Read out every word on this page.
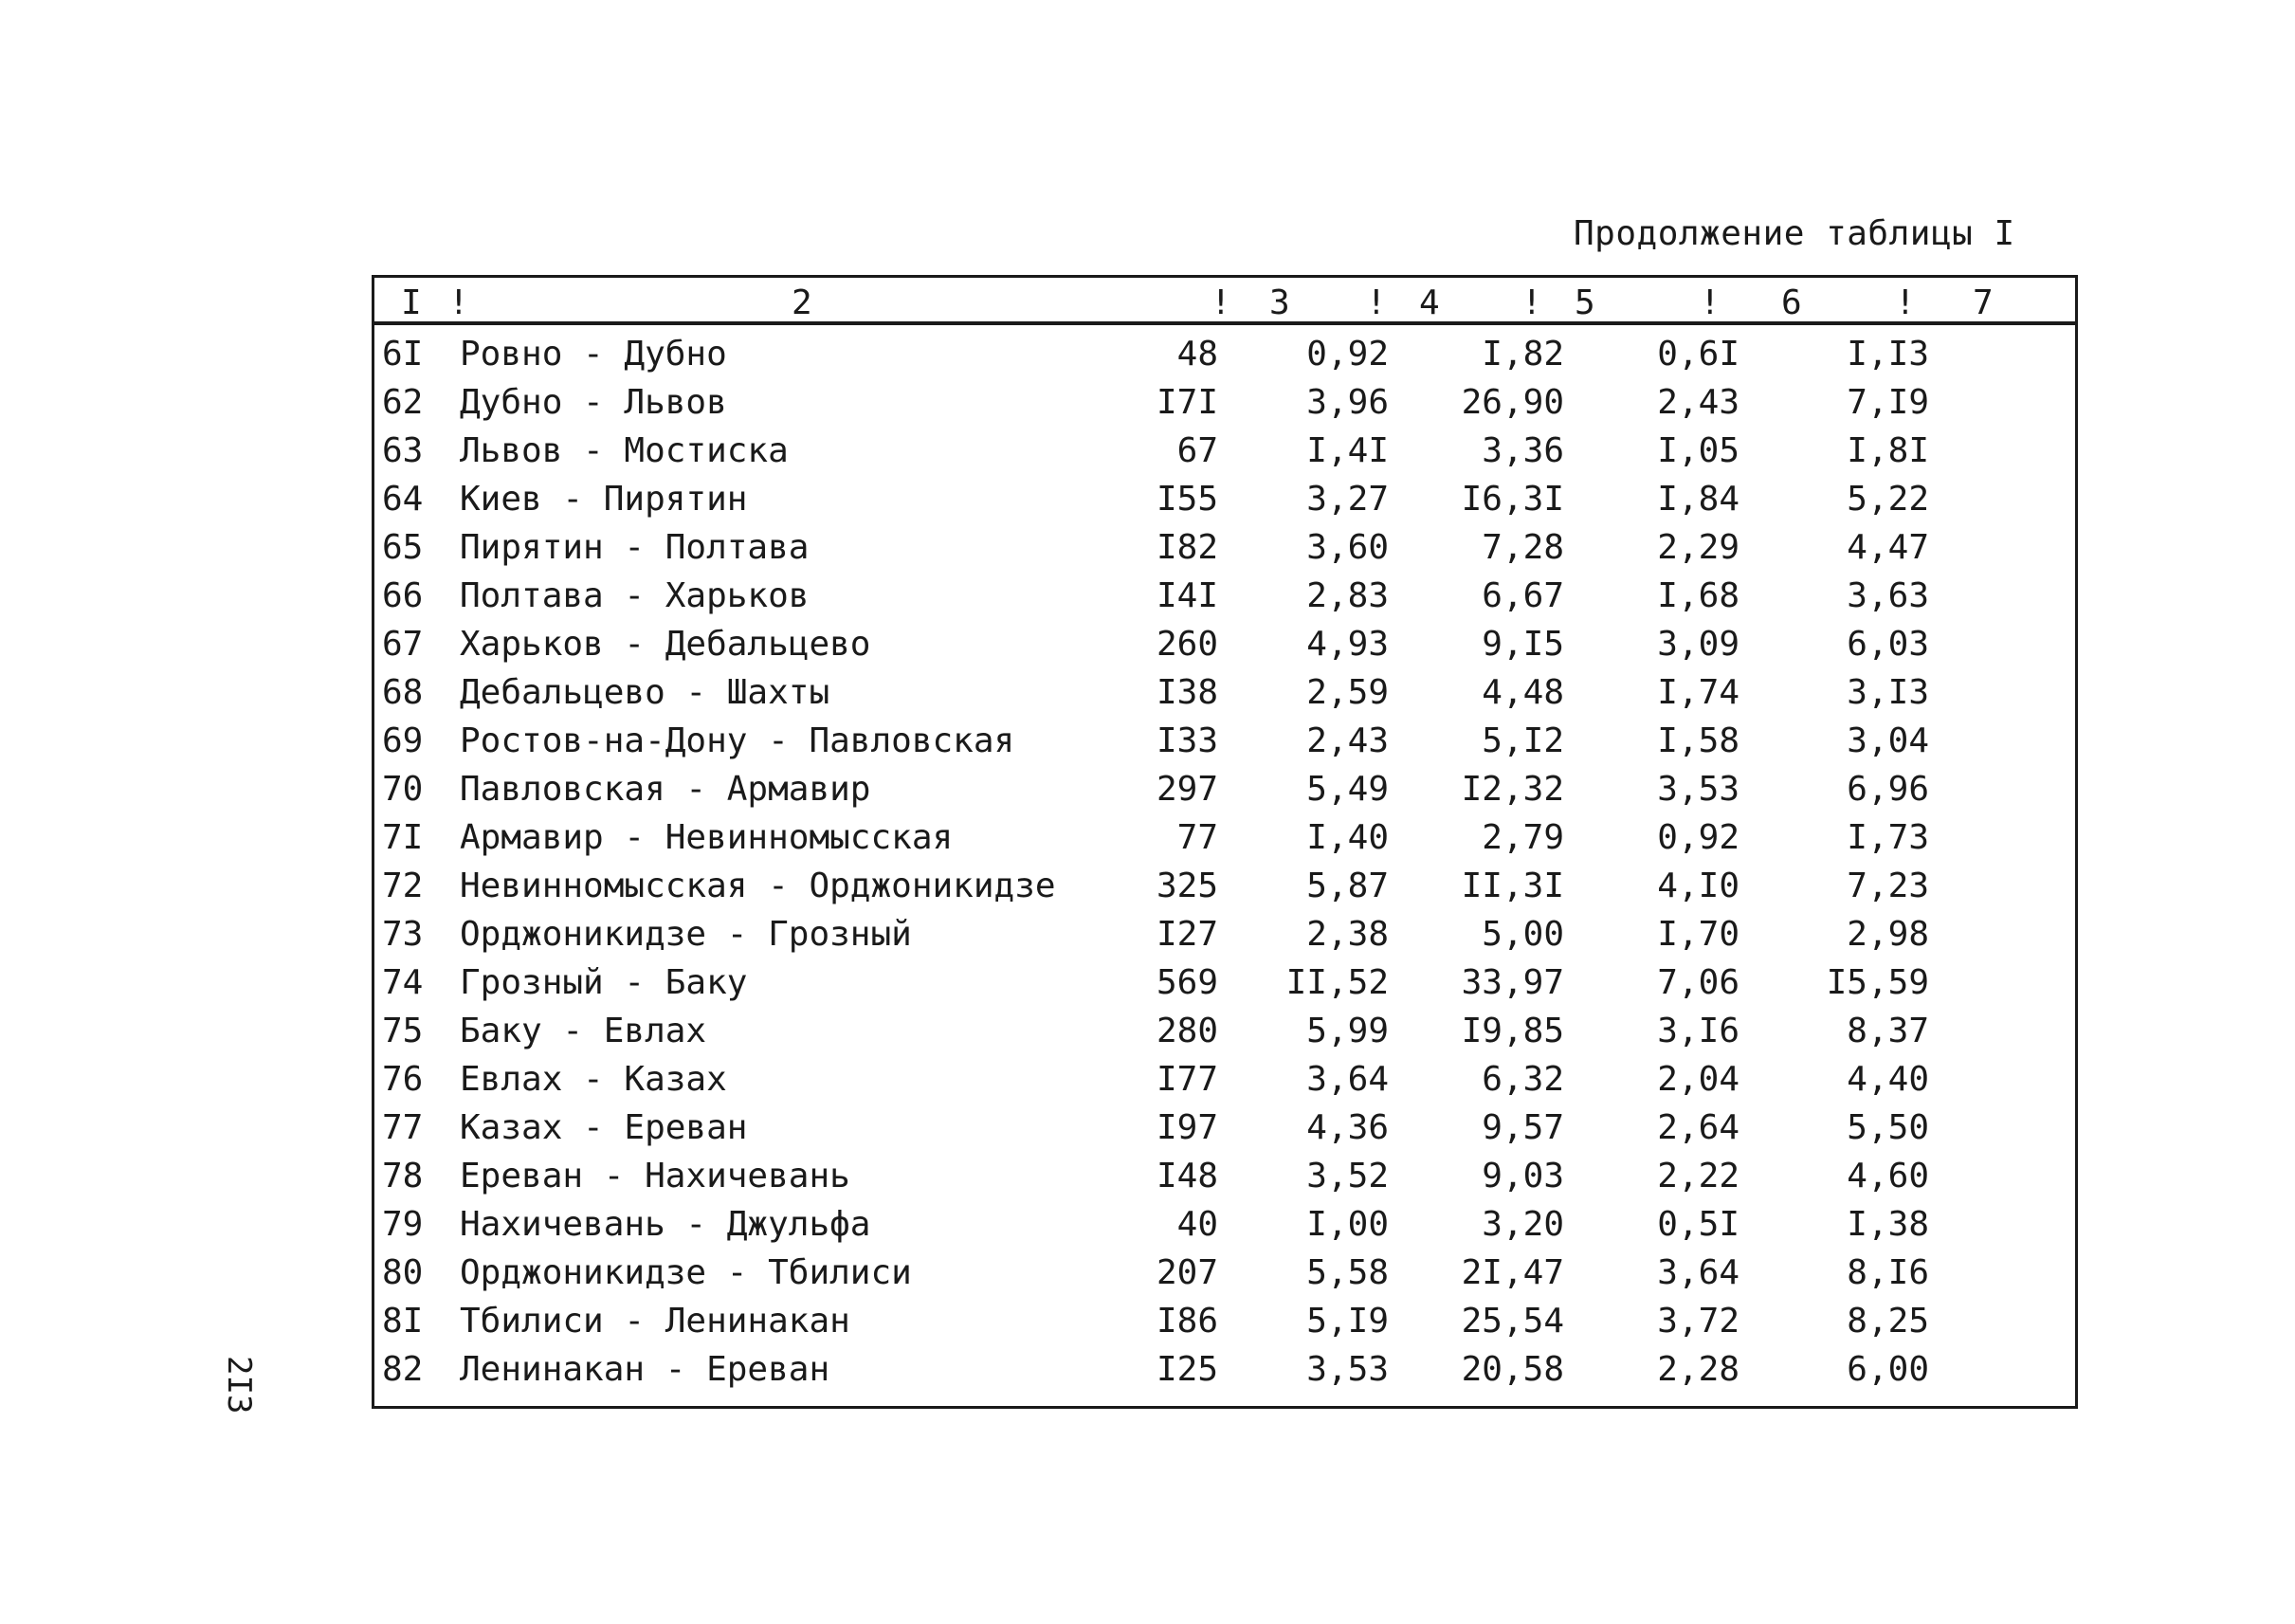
Продолжение таблицы I
2I3
I !	2	! 3 ! 4 ! 5	! 6	! 7
6I	Ровно - Дубно	48	0,92	I,82	0,6I	I,I3
62	Дубно - Львов	I7I	3,96	26,90	2,43	7,I9
63	Львов - Мостиска	67	I,4I	3,36	I,05	I,8I
64	Киев - Пирятин	I55	3,27	I6,3I	I,84	5,22
65	Пирятин - Полтава	I82	3,60	7,28	2,29	4,47
66	Полтава - Харьков	I4I	2,83	6,67	I,68	3,63
67	Харьков - Дебальцево	260	4,93	9,I5	3,09	6,03
68	Дебальцево - Шахты	I38	2,59	4,48	I,74	3,I3
69	Ростов-на-Дону - Павловская	I33	2,43	5,I2	I,58	3,04
70	Павловская - Армавир	297	5,49	I2,32	3,53	6,96
7I	Армавир - Невинномысская	77	I,40	2,79	0,92	I,73
72	Невинномысская - Орджоникидзе	325	5,87	II,3I	4,I0	7,23
73	Орджоникидзе - Грозный	I27	2,38	5,00	I,70	2,98
74	Грозный - Баку	569	II,52	33,97	7,06	I5,59
75	Баку - Евлах	280	5,99	I9,85	3,I6	8,37
76	Евлах - Казах	I77	3,64	6,32	2,04	4,40
77	Казах - Ереван	I97	4,36	9,57	2,64	5,50
78	Ереван - Нахичевань	I48	3,52	9,03	2,22	4,60
79	Нахичевань - Джульфа	40	I,00	3,20	0,5I	I,38
80	Орджоникидзе - Тбилиси	207	5,58	2I,47	3,64	8,I6
8I	Тбилиси - Ленинакан	I86	5,I9	25,54	3,72	8,25
82	Ленинакан - Ереван	I25	3,53	20,58	2,28	6,00
